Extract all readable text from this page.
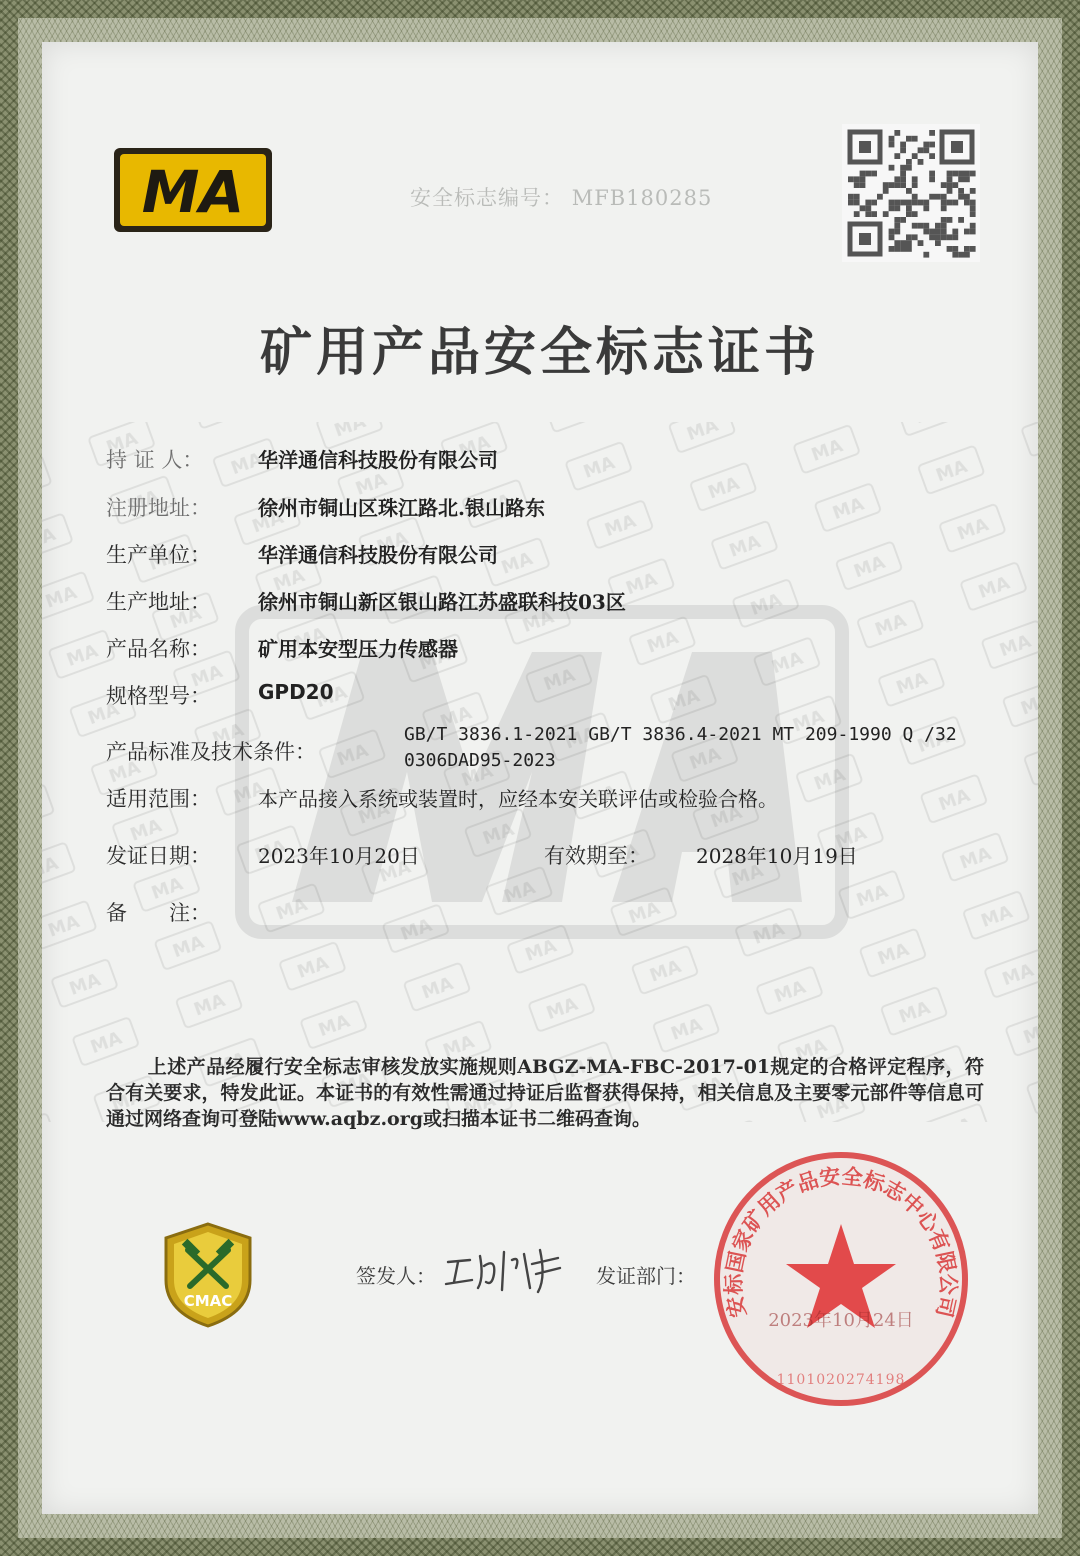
MA	安全标志编号： MFB180285
矿用产品安全标志证书
持 证 人：	华洋通信科技股份有限公司
注册地址： 徐州市铜山区珠江路北.银山路东
生产单位： 华洋通信科技股份有限公司
生产地址： 徐州市铜山新区银山路江苏盛联科技03区
产品名称： 矿用本安型压力传感器
规格型号： GPD20
产品标准及技术条件：
GB/T 3836.1-2021 GB/T 3836.4-2021 MT 209-1990 Q /320306DAD95-2023
适用范围： 本产品接入系统或装置时，应经本安关联评估或检验合格。
发证日期： 2023年10月20日	有效期至： 2028年10月19日
备　　注：
上述产品经履行安全标志审核发放实施规则ABGZ-MA-FBC-2017-01规定的合格评定程序，符合有关要求，特发此证。本证书的有效性需通过持证后监督获得保持，相关信息及主要零元部件等信息可通过网络查询可登陆www.aqbz.org或扫描本证书二维码查询。
CMAC
签发人：	发证部门：
安标国家矿用产品安全标志中心有限公司
1101020274198
2023年10月24日
